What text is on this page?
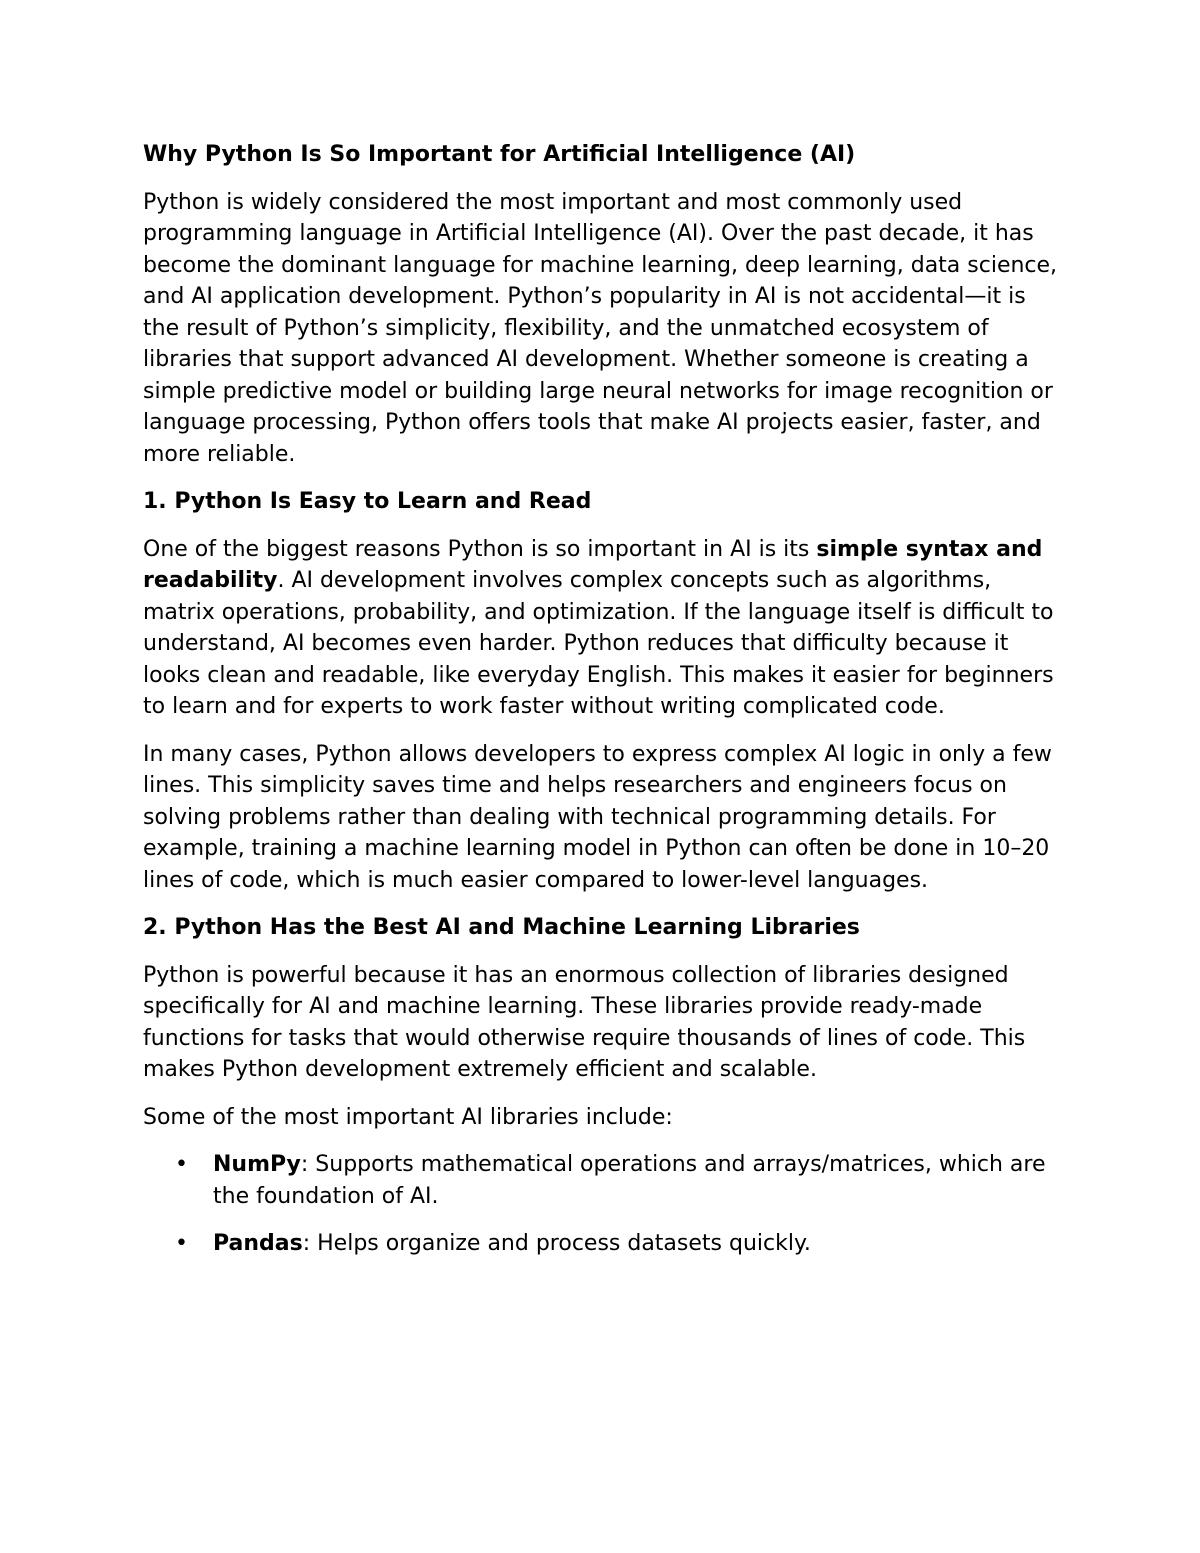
Why Python Is So Important for Artificial Intelligence (AI)

Python is widely considered the most important and most commonly used programming language in Artificial Intelligence (AI). Over the past decade, it has become the dominant language for machine learning, deep learning, data science, and AI application development. Python’s popularity in AI is not accidental—it is the result of Python’s simplicity, flexibility, and the unmatched ecosystem of libraries that support advanced AI development. Whether someone is creating a simple predictive model or building large neural networks for image recognition or language processing, Python offers tools that make AI projects easier, faster, and more reliable.

1. Python Is Easy to Learn and Read

One of the biggest reasons Python is so important in AI is its simple syntax and readability. AI development involves complex concepts such as algorithms, matrix operations, probability, and optimization. If the language itself is difficult to understand, AI becomes even harder. Python reduces that difficulty because it looks clean and readable, like everyday English. This makes it easier for beginners to learn and for experts to work faster without writing complicated code.

In many cases, Python allows developers to express complex AI logic in only a few lines. This simplicity saves time and helps researchers and engineers focus on solving problems rather than dealing with technical programming details. For example, training a machine learning model in Python can often be done in 10–20 lines of code, which is much easier compared to lower-level languages.

2. Python Has the Best AI and Machine Learning Libraries

Python is powerful because it has an enormous collection of libraries designed specifically for AI and machine learning. These libraries provide ready-made functions for tasks that would otherwise require thousands of lines of code. This makes Python development extremely efficient and scalable.

Some of the most important AI libraries include:

• NumPy: Supports mathematical operations and arrays/matrices, which are the foundation of AI.
• Pandas: Helps organize and process datasets quickly.
